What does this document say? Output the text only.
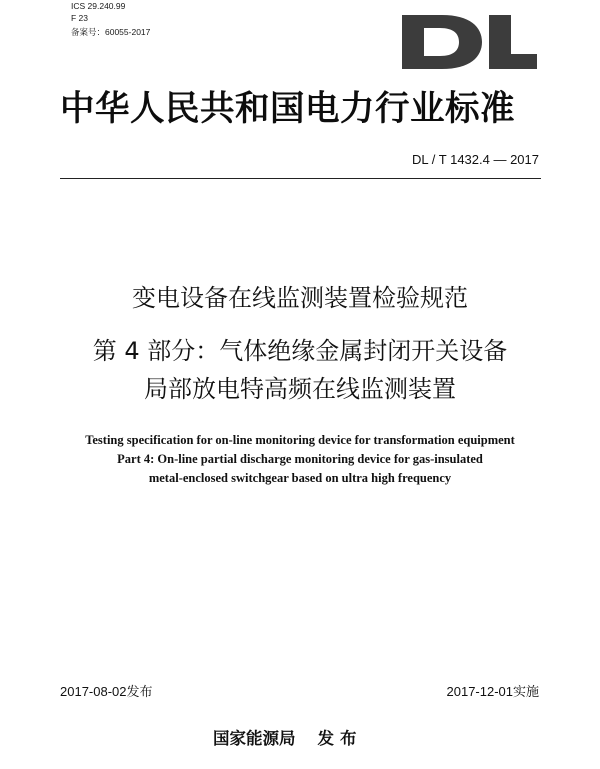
ICS 29.240.99
F 23
备案号：60055-2017
中华人民共和国电力行业标准
DL / T 1432.4 — 2017
变电设备在线监测装置检验规范
第 4 部分：气体绝缘金属封闭开关设备
局部放电特高频在线监测装置
Testing specification for on-line monitoring device for transformation equipment
Part 4: On-line partial discharge monitoring device for gas-insulated
metal-enclosed switchgear based on ultra high frequency
2017-08-02发布	2017-12-01实施
国家能源局 发布
